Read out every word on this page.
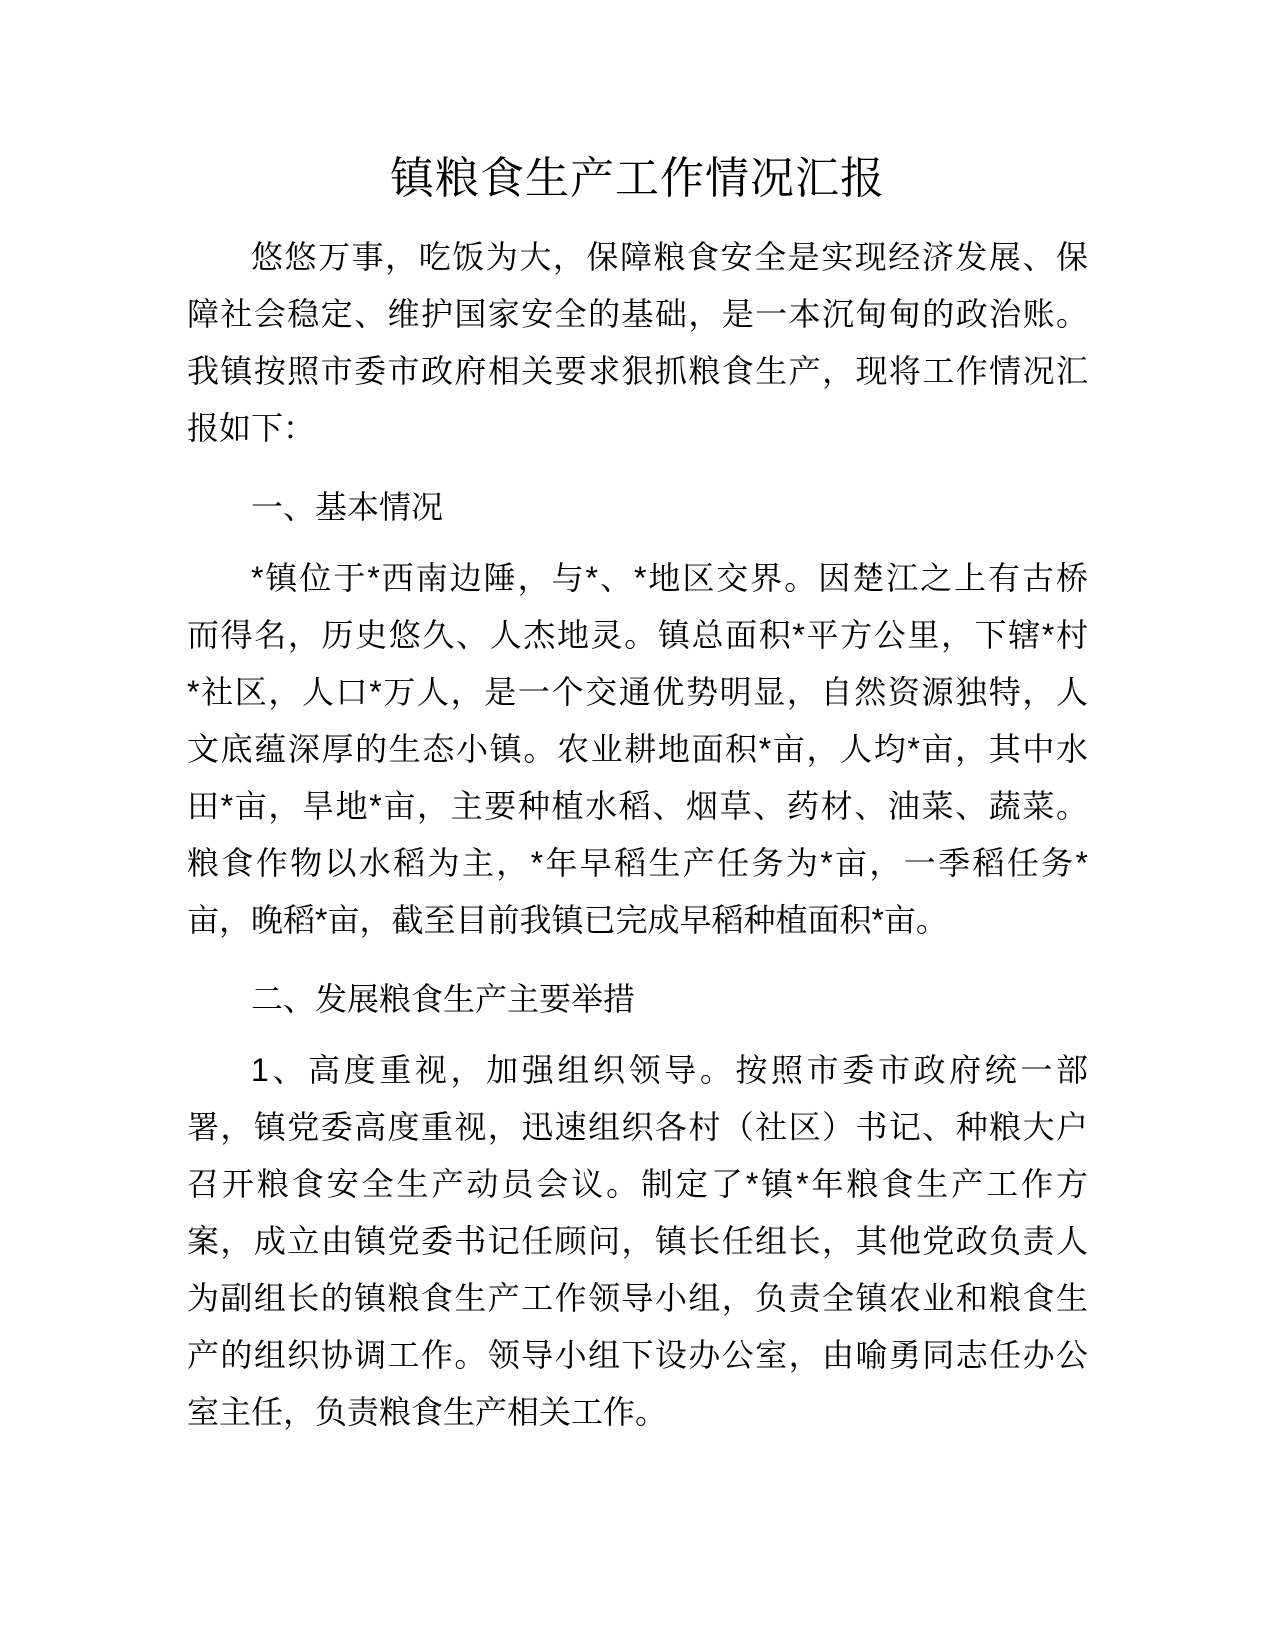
镇粮食生产工作情况汇报
悠悠万事，吃饭为大，保障粮食安全是实现经济发展、保
障社会稳定、维护国家安全的基础，是一本沉甸甸的政治账。
我镇按照市委市政府相关要求狠抓粮食生产，现将工作情况汇
报如下：
一、基本情况
*镇位于*西南边陲，与*、*地区交界。因楚江之上有古桥
而得名，历史悠久、人杰地灵。镇总面积*平方公里，下辖*村
*社区，人口*万人，是一个交通优势明显，自然资源独特，人
文底蕴深厚的生态小镇。农业耕地面积*亩，人均*亩，其中水
田*亩，旱地*亩，主要种植水稻、烟草、药材、油菜、蔬菜。
粮食作物以水稻为主，*年早稻生产任务为*亩，一季稻任务*
亩，晚稻*亩，截至目前我镇已完成早稻种植面积*亩。
二、发展粮食生产主要举措
1、高度重视，加强组织领导。按照市委市政府统一部
署，镇党委高度重视，迅速组织各村（社区）书记、种粮大户
召开粮食安全生产动员会议。制定了*镇*年粮食生产工作方
案，成立由镇党委书记任顾问，镇长任组长，其他党政负责人
为副组长的镇粮食生产工作领导小组，负责全镇农业和粮食生
产的组织协调工作。领导小组下设办公室，由喻勇同志任办公
室主任，负责粮食生产相关工作。
